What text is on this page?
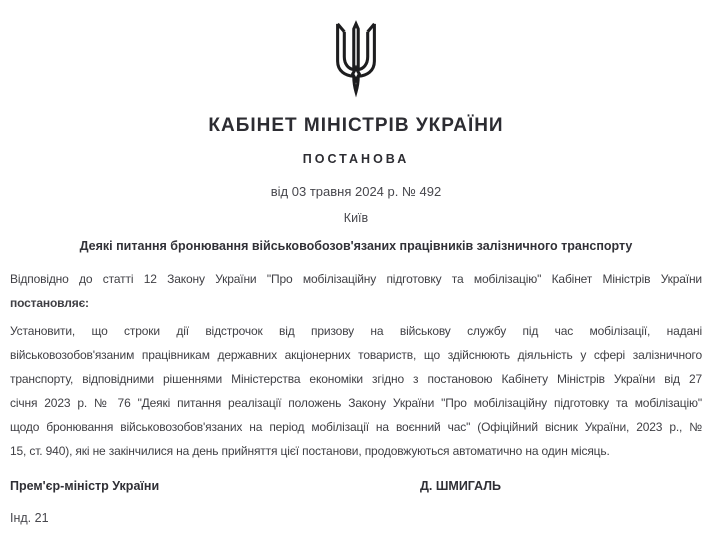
КАБІНЕТ МІНІСТРІВ УКРАЇНИ
ПОСТАНОВА
від 03 травня 2024 р. № 492
Київ
Деякі питання бронювання військовобозов'язаних працівників залізничного транспорту
Відповідно до статті 12 Закону України "Про мобілізаційну підготовку та мобілізацію" Кабінет Міністрів України
постановляє:
Установити, що строки дії відстрочок від призову на військову службу під час мобілізації, надані
військовозобов'язаним працівникам державних акціонерних товариств, що здійснюють діяльність у сфері залізничного
транспорту, відповідними рішеннями Міністерства економіки згідно з постановою Кабінету Міністрів України від 27
січня 2023 р. № 76 "Деякі питання реалізації положень Закону України "Про мобілізаційну підготовку та мобілізацію"
щодо бронювання військовозобов'язаних на період мобілізації на воєнний час" (Офіційний вісник України, 2023 р., №
15, ст. 940), які не закінчилися на день прийняття цієї постанови, продовжуються автоматично на один місяць.
Прем'єр-міністр України	Д. ШМИГАЛЬ
Інд. 21
